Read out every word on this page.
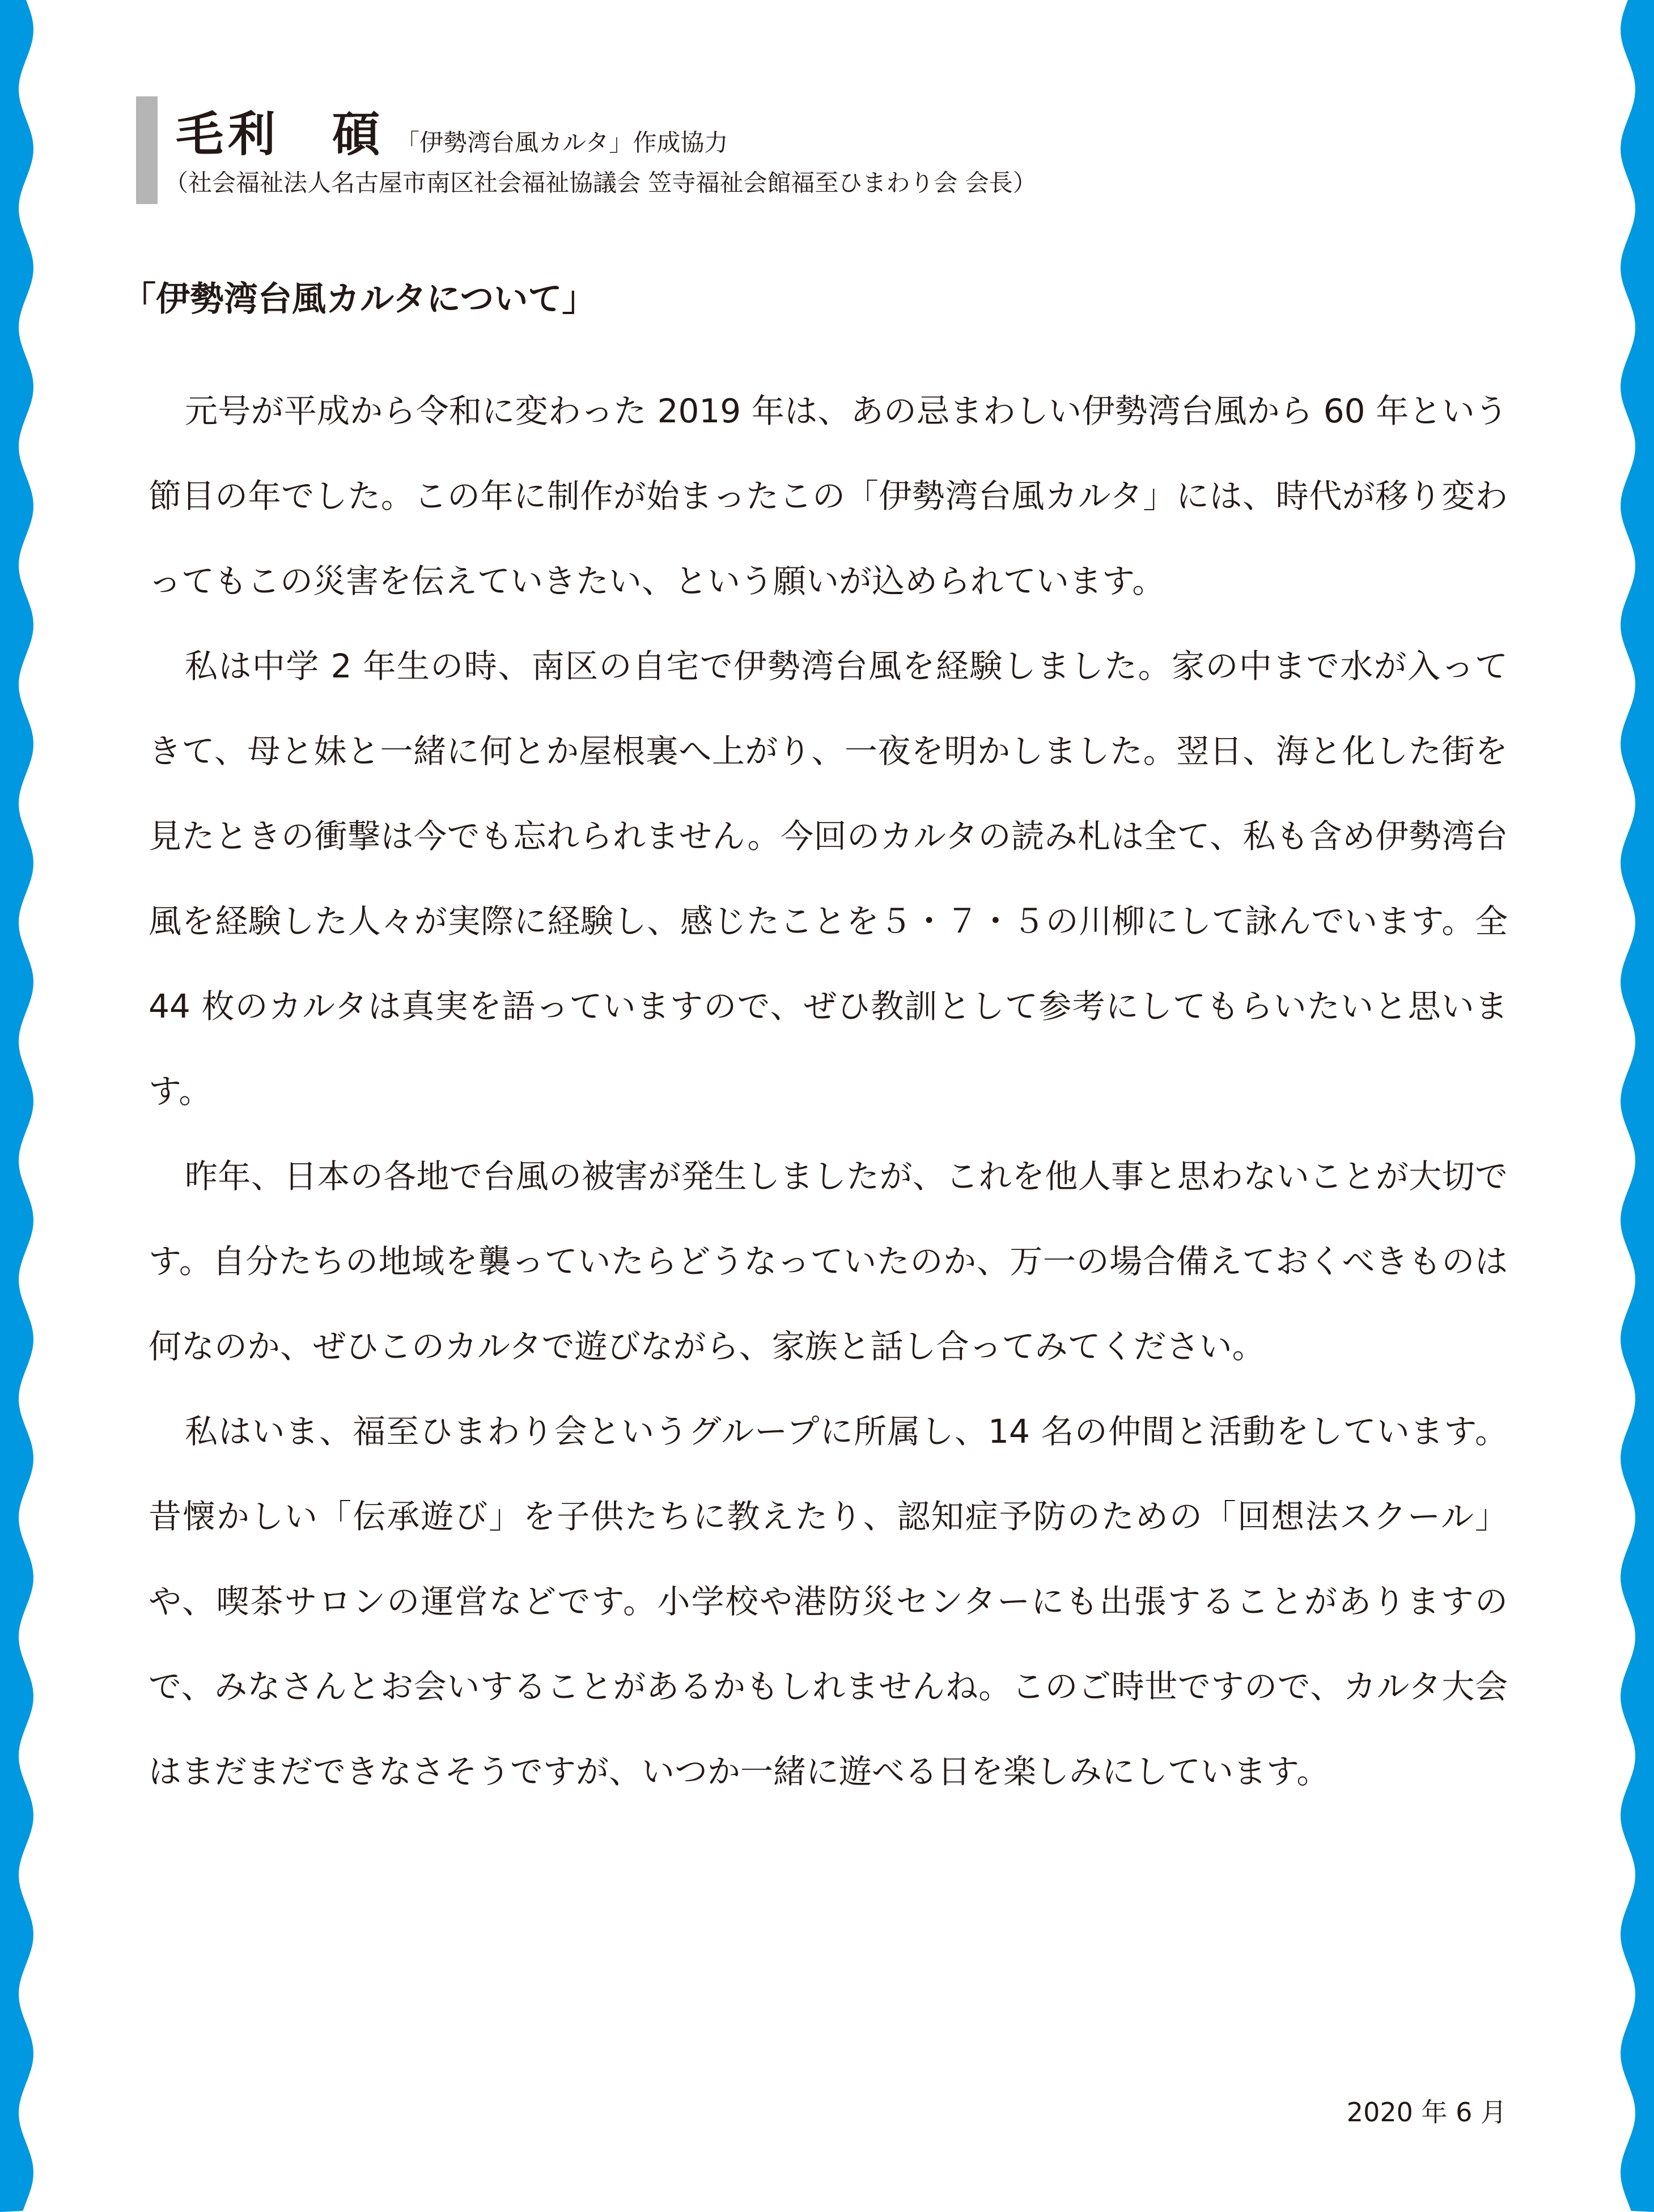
毛利　碩 「伊勢湾台風カルタ」作成協力
（社会福祉法人名古屋市南区社会福祉協議会 笠寺福祉会館福至ひまわり会 会長）
「伊勢湾台風カルタについて」

元号が平成から令和に変わった 2019 年は、あの忌まわしい伊勢湾台風から 60 年という節目の年でした。この年に制作が始まったこの「伊勢湾台風カルタ」には、時代が移り変わってもこの災害を伝えていきたい、という願いが込められています。

私は中学 2 年生の時、南区の自宅で伊勢湾台風を経験しました。家の中まで水が入ってきて、母と妹と一緒に何とか屋根裏へ上がり、一夜を明かしました。翌日、海と化した街を見たときの衝撃は今でも忘れられません。今回のカルタの読み札は全て、私も含め伊勢湾台風を経験した人々が実際に経験し、感じたことを５・７・５の川柳にして詠んでいます。全 44 枚のカルタは真実を語っていますので、ぜひ教訓として参考にしてもらいたいと思います。

昨年、日本の各地で台風の被害が発生しましたが、これを他人事と思わないことが大切です。自分たちの地域を襲っていたらどうなっていたのか、万一の場合備えておくべきものは何なのか、ぜひこのカルタで遊びながら、家族と話し合ってみてください。

私はいま、福至ひまわり会というグループに所属し、14 名の仲間と活動をしています。昔懐かしい「伝承遊び」を子供たちに教えたり、認知症予防のための「回想法スクール」や、喫茶サロンの運営などです。小学校や港防災センターにも出張することがありますので、みなさんとお会いすることがあるかもしれませんね。このご時世ですので、カルタ大会はまだまだできなさそうですが、いつか一緒に遊べる日を楽しみにしています。

2020 年 6 月
